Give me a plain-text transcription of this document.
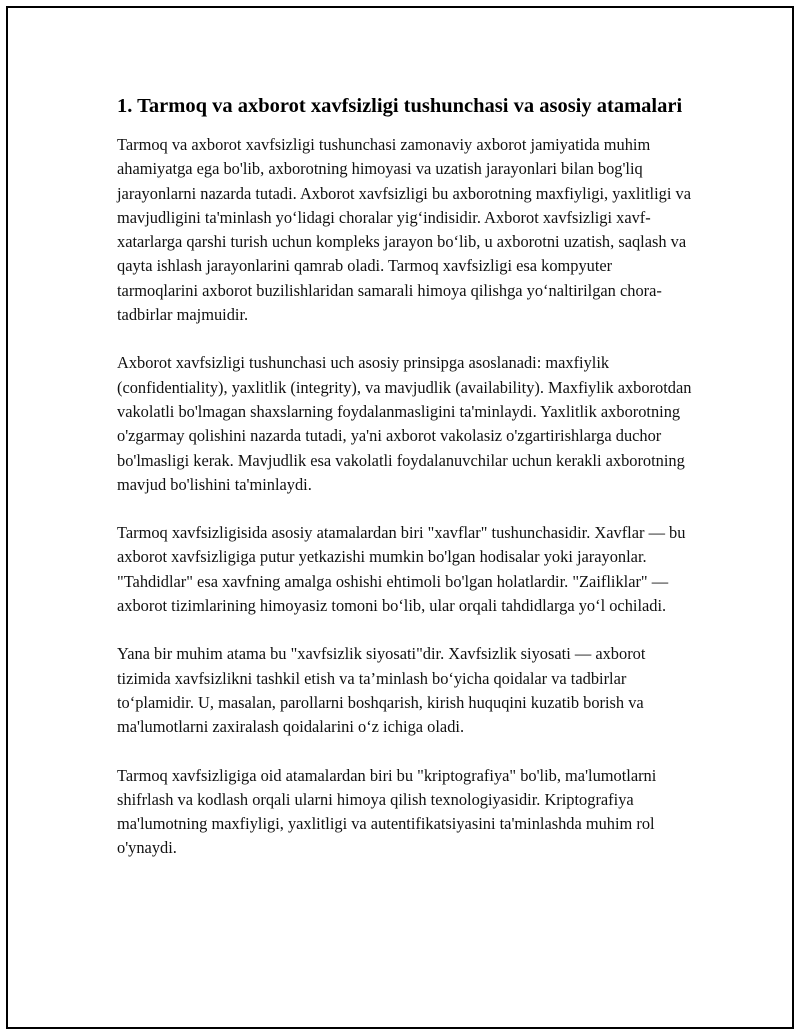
1. Tarmoq va axborot xavfsizligi tushunchasi va asosiy atamalari

Tarmoq va axborot xavfsizligi tushunchasi zamonaviy axborot jamiyatida muhim ahamiyatga ega bo'lib, axborotning himoyasi va uzatish jarayonlari bilan bog'liq jarayonlarni nazarda tutadi. Axborot xavfsizligi bu axborotning maxfiyligi, yaxlitligi va mavjudligini ta'minlash yo‘lidagi choralar yig‘indisidir. Axborot xavfsizligi xavf-xatarlarga qarshi turish uchun kompleks jarayon bo‘lib, u axborotni uzatish, saqlash va qayta ishlash jarayonlarini qamrab oladi. Tarmoq xavfsizligi esa kompyuter tarmoqlarini axborot buzilishlaridan samarali himoya qilishga yo‘naltirilgan chora-tadbirlar majmuidir.

Axborot xavfsizligi tushunchasi uch asosiy prinsipga asoslanadi: maxfiylik (confidentiality), yaxlitlik (integrity), va mavjudlik (availability). Maxfiylik axborotdan vakolatli bo'lmagan shaxslarning foydalanmasligini ta'minlaydi. Yaxlitlik axborotning o'zgarmay qolishini nazarda tutadi, ya'ni axborot vakolasiz o'zgartirishlarga duchor bo'lmasligi kerak. Mavjudlik esa vakolatli foydalanuvchilar uchun kerakli axborotning mavjud bo'lishini ta'minlaydi.

Tarmoq xavfsizligisida asosiy atamalardan biri "xavflar" tushunchasidir. Xavflar — bu axborot xavfsizligiga putur yetkazishi mumkin bo'lgan hodisalar yoki jarayonlar. "Tahdidlar" esa xavfning amalga oshishi ehtimoli bo'lgan holatlardir. "Zaifliklar" — axborot tizimlarining himoyasiz tomoni bo‘lib, ular orqali tahdidlarga yo‘l ochiladi.

Yana bir muhim atama bu "xavfsizlik siyosati"dir. Xavfsizlik siyosati — axborot tizimida xavfsizlikni tashkil etish va ta’minlash bo‘yicha qoidalar va tadbirlar to‘plamidir. U, masalan, parollarni boshqarish, kirish huquqini kuzatib borish va ma'lumotlarni zaxiralash qoidalarini o‘z ichiga oladi.

Tarmoq xavfsizligiga oid atamalardan biri bu "kriptografiya" bo'lib, ma'lumotlarni shifrlash va kodlash orqali ularni himoya qilish texnologiyasidir. Kriptografiya ma'lumotning maxfiyligi, yaxlitligi va autentifikatsiyasini ta'minlashda muhim rol o'ynaydi.
